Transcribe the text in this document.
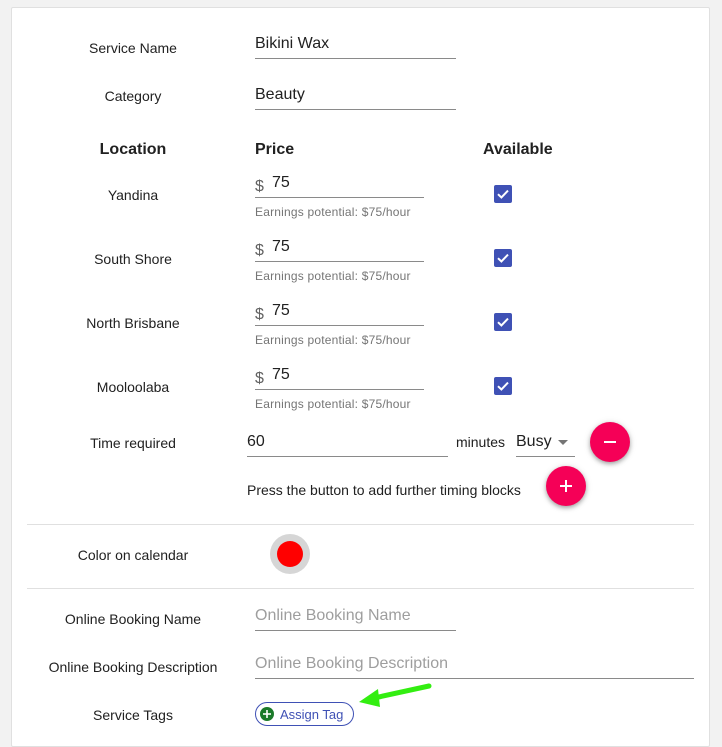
Service Name	Bikini Wax
Category	Beauty
Location	Price	Available
Yandina	$ 75
Earnings potential: $75/hour
South Shore	$ 75
Earnings potential: $75/hour
North Brisbane	$ 75
Earnings potential: $75/hour
Mooloolaba	$ 75
Earnings potential: $75/hour
Time required	60	minutes Busy
Press the button to add further timing blocks
Color on calendar
Online Booking Name	Online Booking Name
Online Booking Description	Online Booking Description
Service Tags	Assign Tag
